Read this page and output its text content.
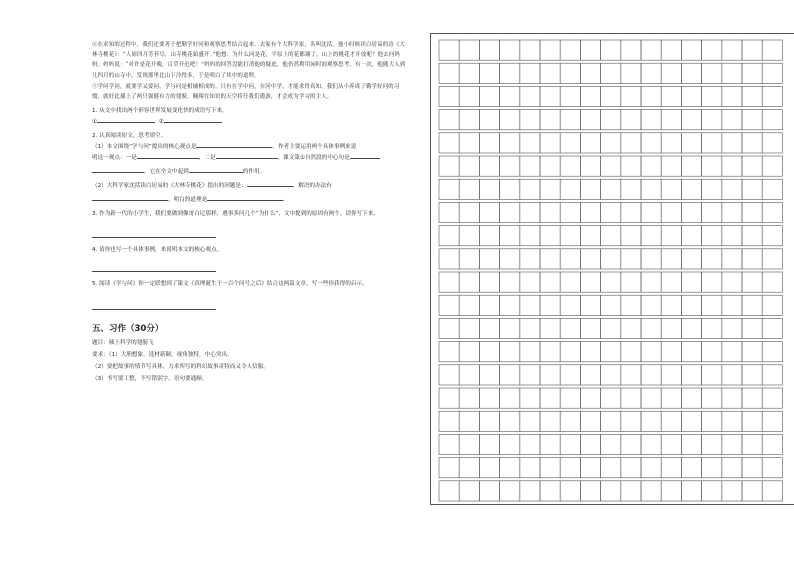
④在求知的过程中，我们还要善于把勤学好问和观察思考结合起来。去家有个大科学家，名叫沈括。他小时候读白居易的诗《大林寺桃花》：“人间四月芳菲尽，山寺桃花始盛开。”他想：为什么同是花，平原上的花都谢了，山上的桃花才开放呢？他去问妈妈。妈妈说：“对许是花开晚，百草开迟吧！”妈妈的回答没能打消他的疑虑，他仍然利用闲时间观察思考。有一次，他随大人到几四月的山寺中，发现那里比山下冷得多，于是明白了其中的道理。

⑤学问学问，就要学又要问，学与问是相辅相成的。只有在学中问，在问中学，才能求得真知。我们从小养成了勤学好问的习惯，就好比插上了两只强健有力的翅膀，翱翔在知识的天空将任我们遨游，才会成为学习的主人。

1. 从文中找出两个形容世界发展变化快的成语写下来。

①	②

2. 认真阅读短文，思考填空。

（1）本文围绕“学与问”提出的核心观点是	。作者主要运用两个具体事例来说

明这一观点：一是	，二是	。课文第①自然段的中心句是

，它在全文中起到	的作用。

（2）大科学家沈括读白居易的《大林寺桃花》提出的问题是：	，解决的办法有

，明白的道理是	。

3. 作为新一代的小学生，我们要做到像哥白尼那样，遇事多问几个“为什么”，文中提到的原因有两个，请你写下来。

4. 请你也写一个具体事例，来说明本文的核心观点。

5. 阅读《学与问》你一定联想到了课文《真理诞生于一百个问号之后》结合这两篇文章，写一些你获得的启示。

五、习作（30分）

题目：插上科学的翅膀飞

要求：（1）大胆想象，选材新颖，视角独特，中心突出。

（2）要把故事的情节写具体，力求所写的科幻故事奇特而又令人信服。

（3）书写要工整，不写错别字，语句要通顺。
